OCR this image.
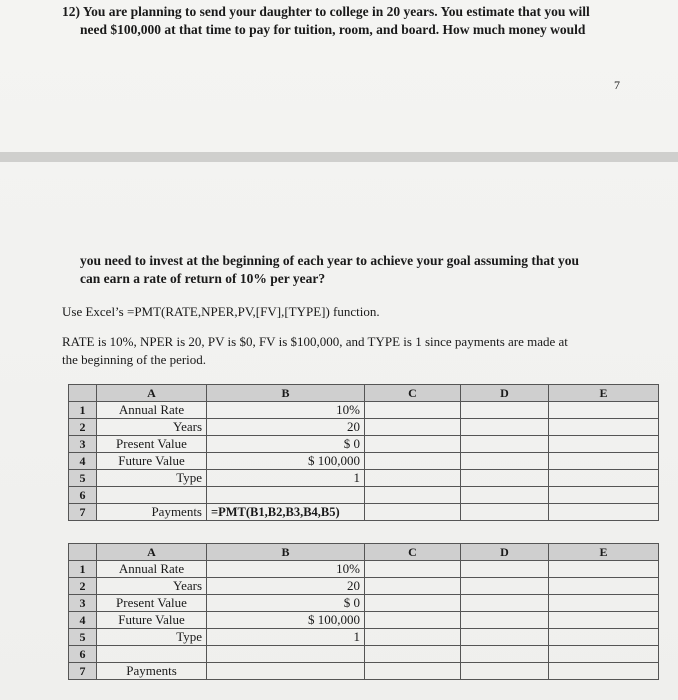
12) You are planning to send your daughter to college in 20 years. You estimate that you will
need $100,000 at that time to pay for tuition, room, and board. How much money would
7
you need to invest at the beginning of each year to achieve your goal assuming that you
can earn a rate of return of 10% per year?
Use Excel’s =PMT(RATE,NPER,PV,[FV],[TYPE]) function.
RATE is 10%, NPER is 20, PV is $0, FV is $100,000, and TYPE is 1 since payments are made at
the beginning of the period.
	A	B	C	D	E
1	Annual Rate	10%			
2	Years	20			
3	Present Value	$ 0			
4	Future Value	$ 100,000			
5	Type	1			
6					
7	Payments	=PMT(B1,B2,B3,B4,B5)			
	A	B	C	D	E
1	Annual Rate	10%			
2	Years	20			
3	Present Value	$ 0			
4	Future Value	$ 100,000			
5	Type	1			
6					
7	Payments				
